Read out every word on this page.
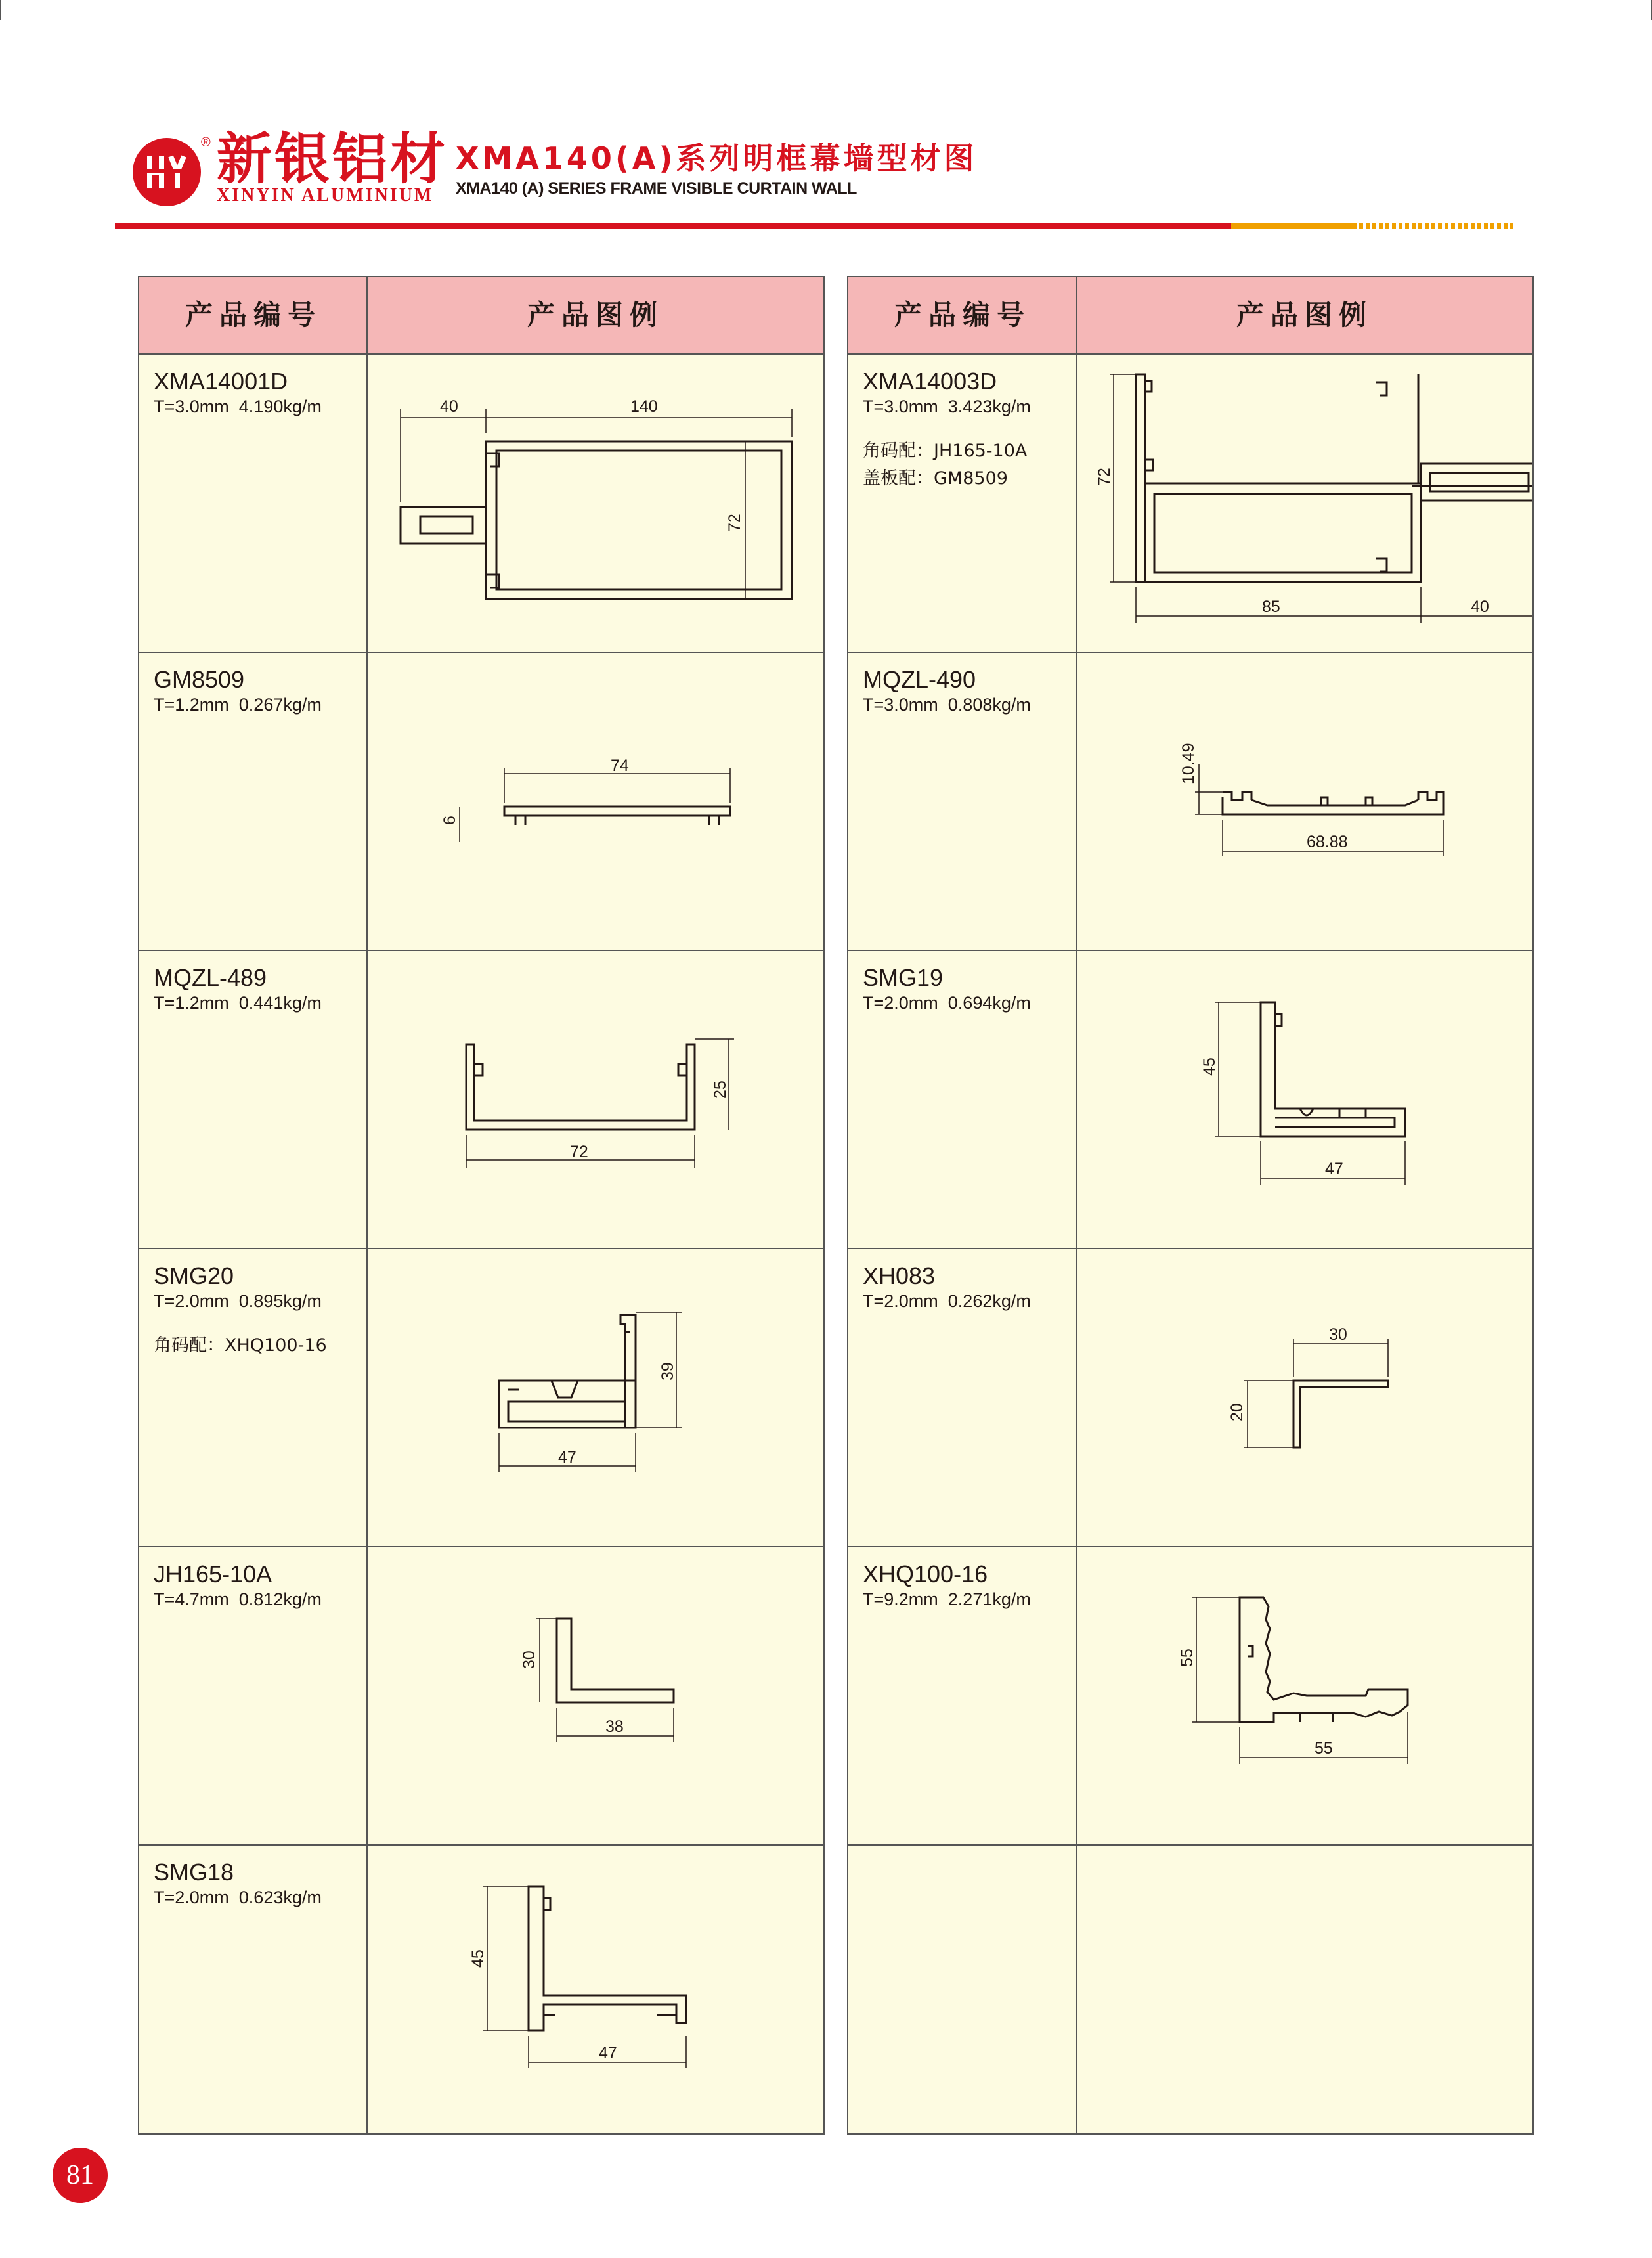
® 新银铝材
XINYIN ALUMINIUM
XMA140(A)系列明框幕墙型材图
XMA140 (A) SERIES FRAME VISIBLE CURTAIN WALL
产品编号	产品图例
XMA14001D
T=3.0mm  4.190kg/m	40	140
72
GM8509
T=1.2mm  0.267kg/m
74
6
MQZL-489
T=1.2mm  0.441kg/m
25
72
SMG20
T=2.0mm  0.895kg/m
角码配：XHQ100-16
39
47
JH165-10A
T=4.7mm  0.812kg/m
30
38
SMG18
T=2.0mm  0.623kg/m
45
47
产品编号	产品图例
XMA14003D
T=3.0mm  3.423kg/m
角码配：JH165-10A
盖板配：GM8509	72
85	40
MQZL-490
T=3.0mm  0.808kg/m
10.49
68.88
SMG19
T=2.0mm  0.694kg/m
45
47
XH083
T=2.0mm  0.262kg/m
30
20
XHQ100-16
T=9.2mm  2.271kg/m
55
55
81
